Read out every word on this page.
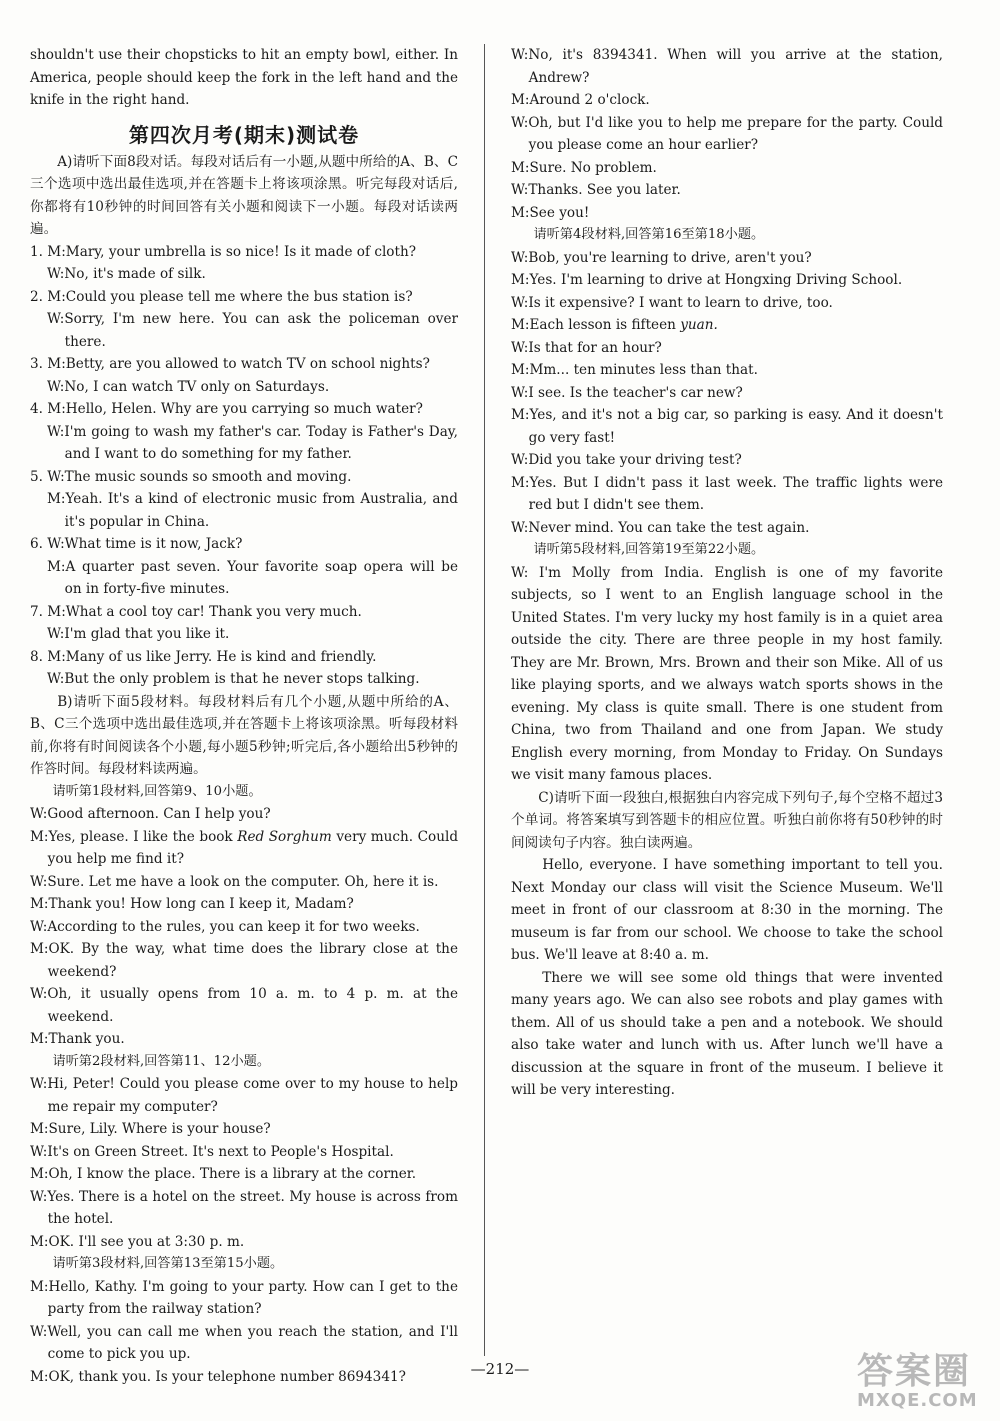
shouldn't use their chopsticks to hit an empty bowl, either. In America, people should keep the fork in the left hand and the knife in the right hand.

第四次月考(期末)测试卷

A)请听下面8段对话。每段对话后有一小题,从题中所给的A、B、C三个选项中选出最佳选项,并在答题卡上将该项涂黑。听完每段对话后,你都将有10秒钟的时间回答有关小题和阅读下一小题。每段对话读两遍。

1. M:Mary, your umbrella is so nice! Is it made of cloth?

W:No, it's made of silk.

2. M:Could you please tell me where the bus station is?

W:Sorry, I'm new here. You can ask the policeman over there.

3. M:Betty, are you allowed to watch TV on school nights?

W:No, I can watch TV only on Saturdays.

4. M:Hello, Helen. Why are you carrying so much water?

W:I'm going to wash my father's car. Today is Father's Day, and I want to do something for my father.

5. W:The music sounds so smooth and moving.

M:Yeah. It's a kind of electronic music from Australia, and it's popular in China.

6. W:What time is it now, Jack?

M:A quarter past seven. Your favorite soap opera will be on in forty-five minutes.

7. M:What a cool toy car! Thank you very much.

W:I'm glad that you like it.

8. M:Many of us like Jerry. He is kind and friendly.

W:But the only problem is that he never stops talking.

B)请听下面5段材料。每段材料后有几个小题,从题中所给的A、B、C三个选项中选出最佳选项,并在答题卡上将该项涂黑。听每段材料前,你将有时间阅读各个小题,每小题5秒钟;听完后,各小题给出5秒钟的作答时间。每段材料读两遍。

请听第1段材料,回答第9、10小题。

W:Good afternoon. Can I help you?

M:Yes, please. I like the book Red Sorghum very much. Could you help me find it?

W:Sure. Let me have a look on the computer. Oh, here it is.

M:Thank you! How long can I keep it, Madam?

W:According to the rules, you can keep it for two weeks.

M:OK. By the way, what time does the library close at the weekend?

W:Oh, it usually opens from 10 a. m. to 4 p. m. at the weekend.

M:Thank you.

请听第2段材料,回答第11、12小题。

W:Hi, Peter! Could you please come over to my house to help me repair my computer?

M:Sure, Lily. Where is your house?

W:It's on Green Street. It's next to People's Hospital.

M:Oh, I know the place. There is a library at the corner.

W:Yes. There is a hotel on the street. My house is across from the hotel.

M:OK. I'll see you at 3:30 p. m.

请听第3段材料,回答第13至第15小题。

M:Hello, Kathy. I'm going to your party. How can I get to the party from the railway station?

W:Well, you can call me when you reach the station, and I'll come to pick you up.

M:OK, thank you. Is your telephone number 8694341?

W:No, it's 8394341. When will you arrive at the station, Andrew?

M:Around 2 o'clock.

W:Oh, but I'd like you to help me prepare for the party. Could you please come an hour earlier?

M:Sure. No problem.

W:Thanks. See you later.

M:See you!

请听第4段材料,回答第16至第18小题。

W:Bob, you're learning to drive, aren't you?

M:Yes. I'm learning to drive at Hongxing Driving School.

W:Is it expensive? I want to learn to drive, too.

M:Each lesson is fifteen yuan.

W:Is that for an hour?

M:Mm... ten minutes less than that.

W:I see. Is the teacher's car new?

M:Yes, and it's not a big car, so parking is easy. And it doesn't go very fast!

W:Did you take your driving test?

M:Yes. But I didn't pass it last week. The traffic lights were red but I didn't see them.

W:Never mind. You can take the test again.

请听第5段材料,回答第19至第22小题。

W: I'm Molly from India. English is one of my favorite subjects, so I went to an English language school in the United States. I'm very lucky my host family is in a quiet area outside the city. There are three people in my host family. They are Mr. Brown, Mrs. Brown and their son Mike. All of us like playing sports, and we always watch sports shows in the evening. My class is quite small. There is one student from China, two from Thailand and one from Japan. We study English every morning, from Monday to Friday. On Sundays we visit many famous places.

C)请听下面一段独白,根据独白内容完成下列句子,每个空格不超过3个单词。将答案填写到答题卡的相应位置。听独白前你将有50秒钟的时间阅读句子内容。独白读两遍。

Hello, everyone. I have something important to tell you. Next Monday our class will visit the Science Museum. We'll meet in front of our classroom at 8:30 in the morning. The museum is far from our school. We choose to take the school bus. We'll leave at 8:40 a. m.

There we will see some old things that were invented many years ago. We can also see robots and play games with them. All of us should take a pen and a notebook. We should also take water and lunch with us. After lunch we'll have a discussion at the square in front of the museum. I believe it will be very interesting.

—212—	答案圈
MXQE.COM
